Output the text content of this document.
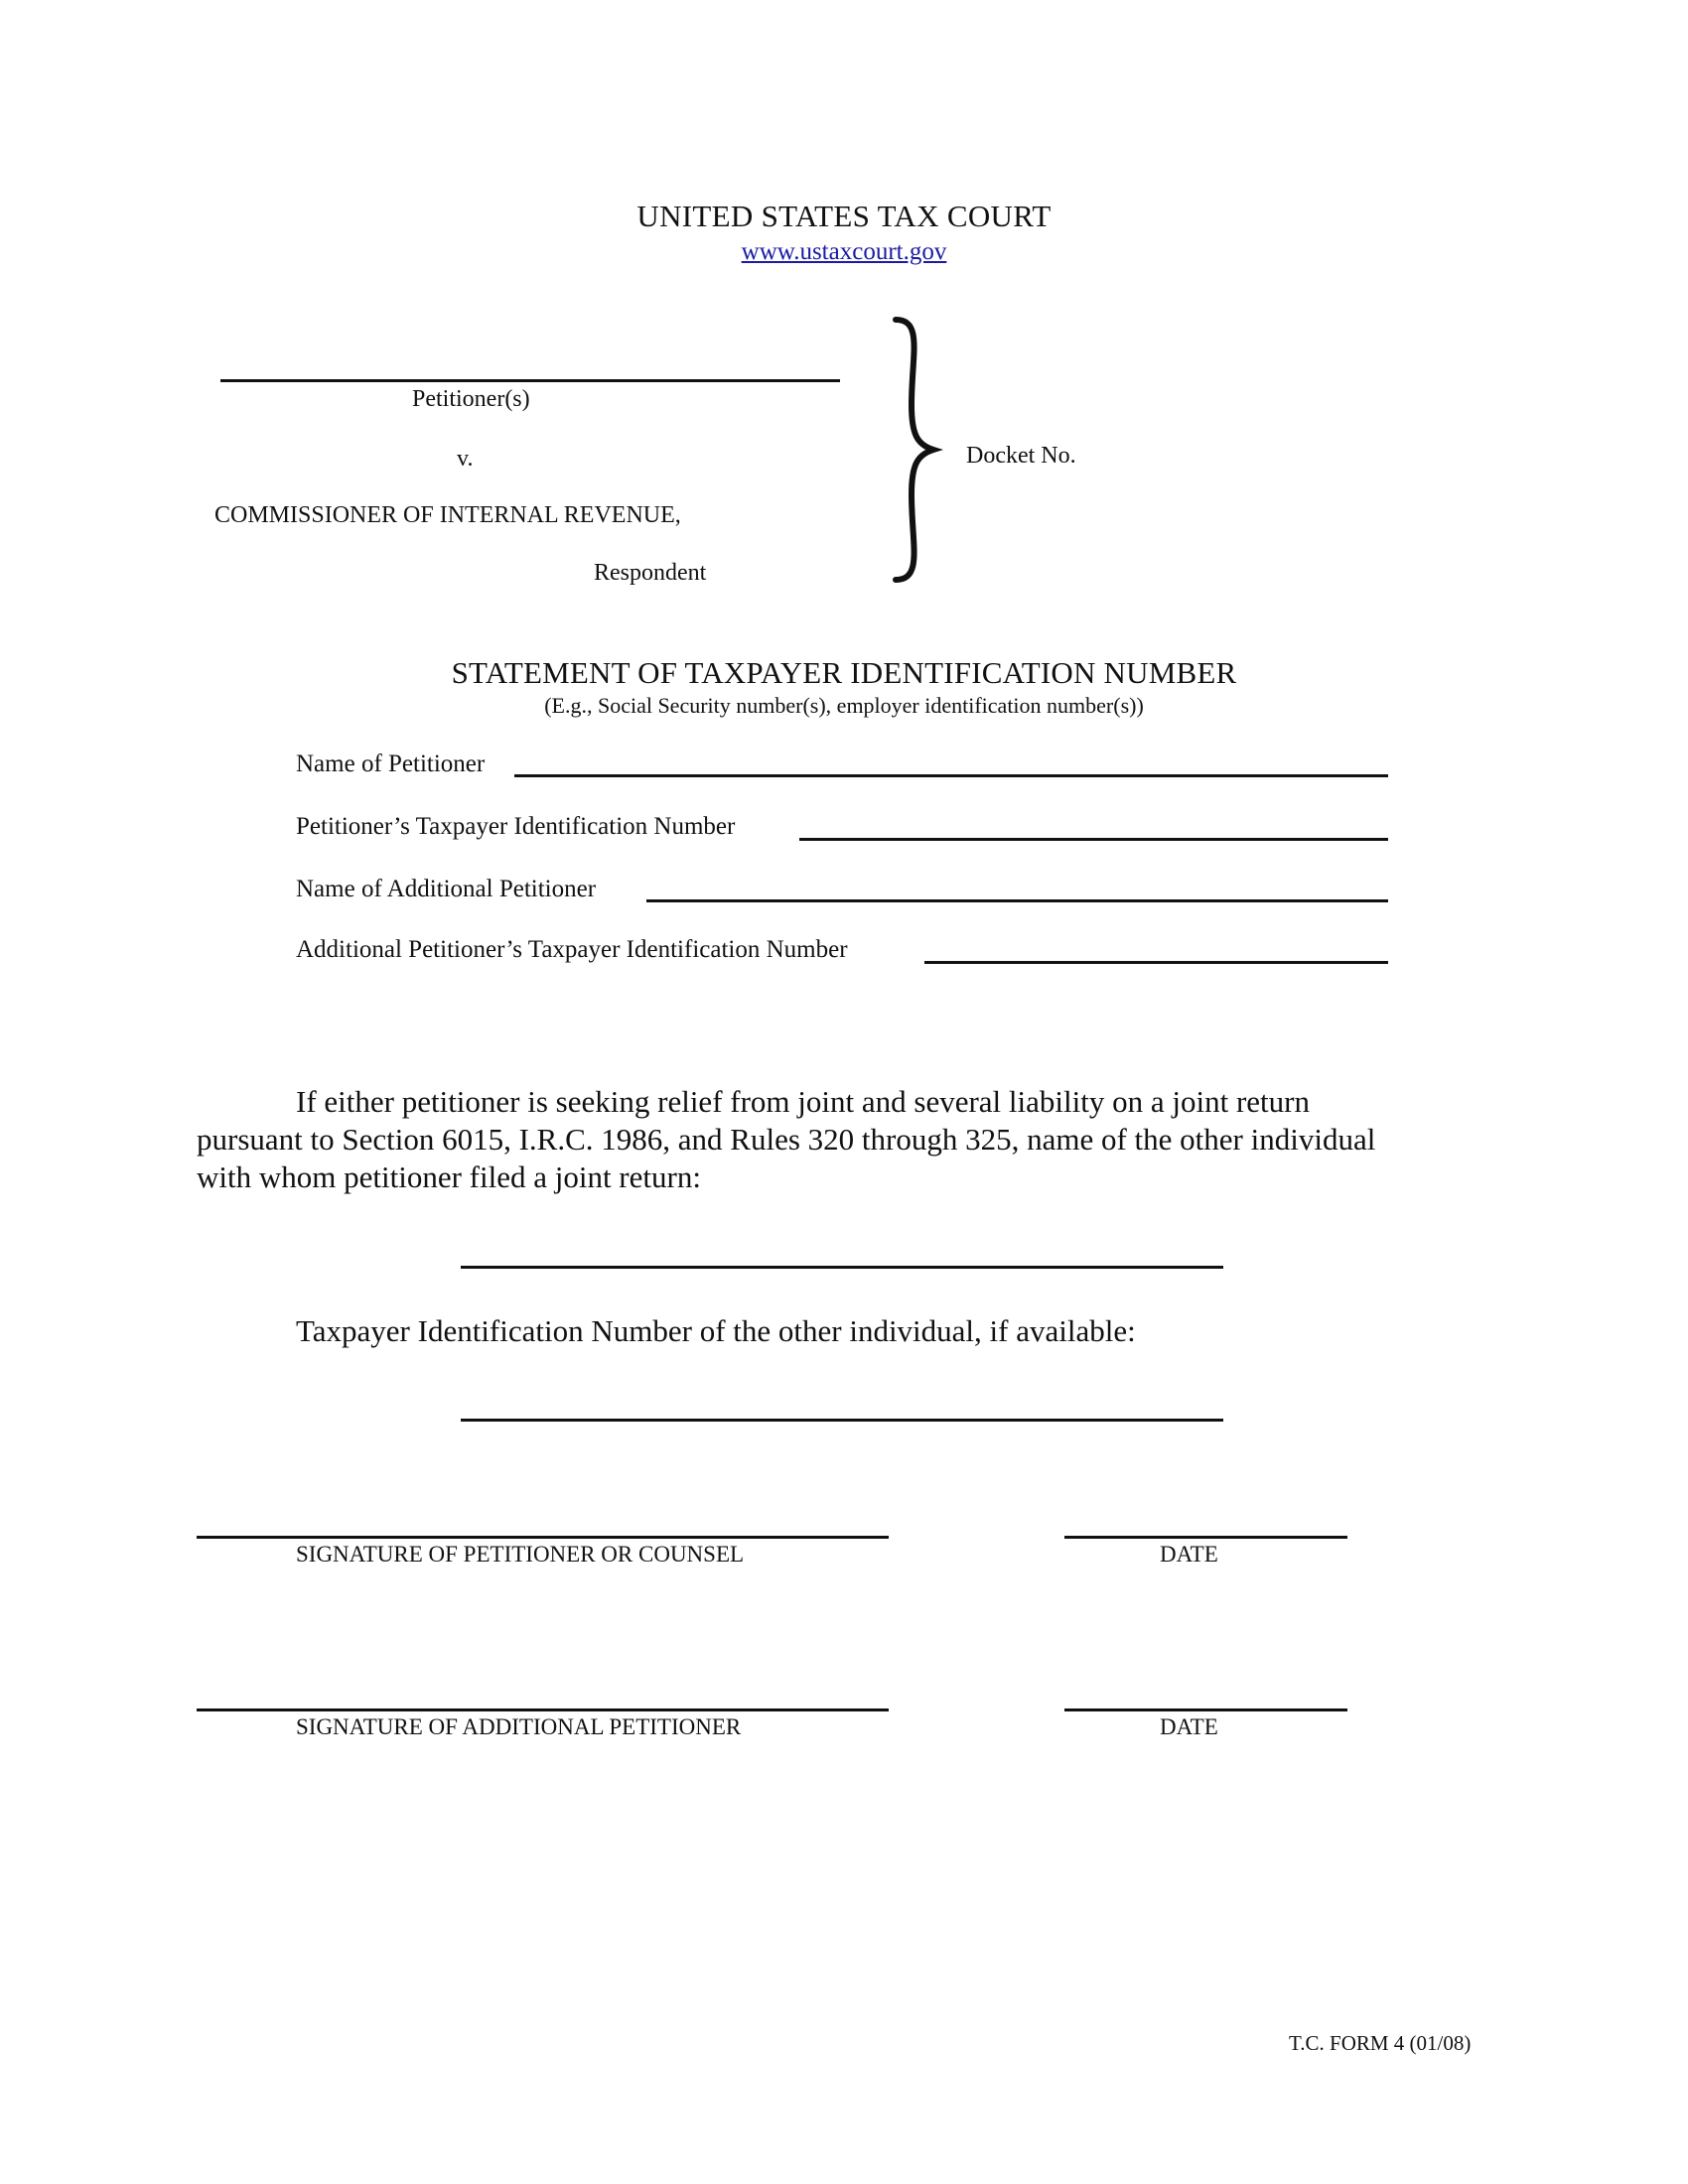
UNITED STATES TAX COURT
www.ustaxcourt.gov
Petitioner(s)
v.
COMMISSIONER OF INTERNAL REVENUE,
Respondent
Docket No.
STATEMENT OF TAXPAYER IDENTIFICATION NUMBER
(E.g., Social Security number(s), employer identification number(s))
Name of Petitioner
Petitioner’s Taxpayer Identification Number
Name of Additional Petitioner
Additional Petitioner’s Taxpayer Identification Number
If either petitioner is seeking relief from joint and several liability on a joint return
pursuant to Section 6015, I.R.C. 1986, and Rules 320 through 325, name of the other individual
with whom petitioner filed a joint return:
Taxpayer Identification Number of the other individual, if available:
SIGNATURE OF PETITIONER OR COUNSEL	DATE
SIGNATURE OF ADDITIONAL PETITIONER	DATE
T.C. FORM 4 (01/08)
